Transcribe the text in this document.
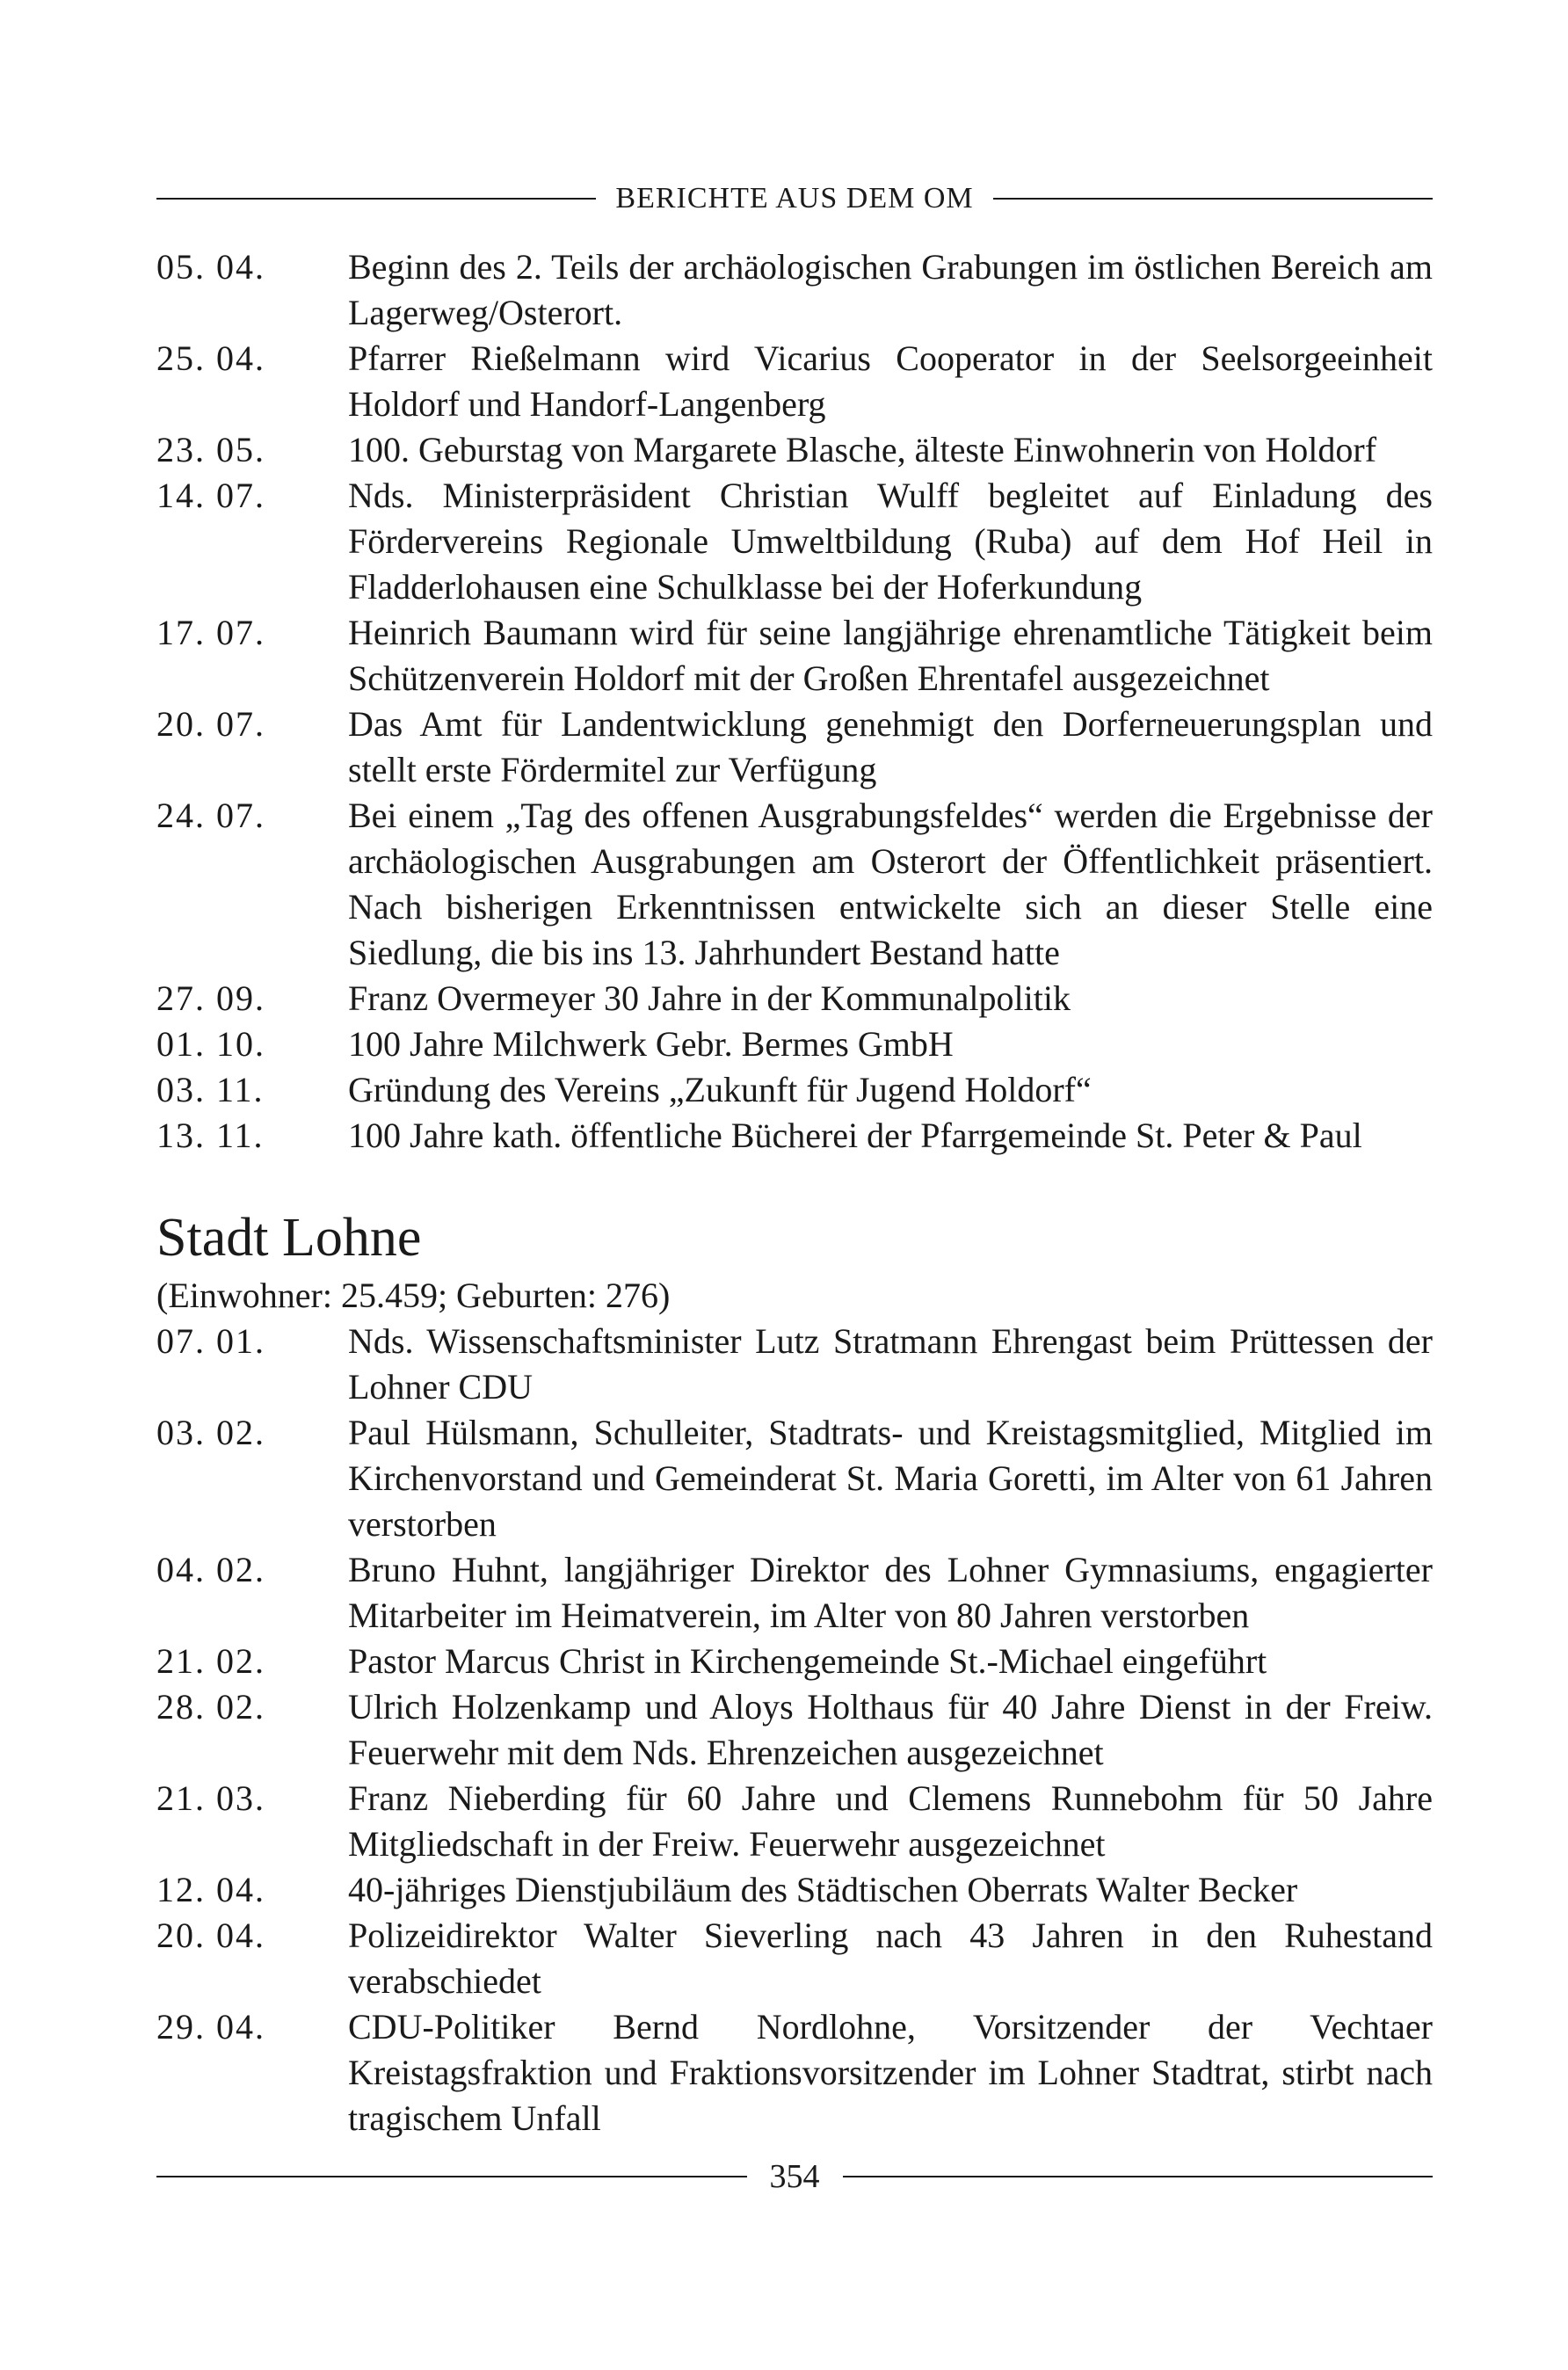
BERICHTE AUS DEM OM
05. 04.	Beginn des 2. Teils der archäologischen Grabungen im östlichen Bereich am Lagerweg/Osterort.
25. 04.	Pfarrer Rießelmann wird Vicarius Cooperator in der Seelsorgeeinheit Holdorf und Handorf-Langenberg
23. 05.	100. Geburstag von Margarete Blasche, älteste Einwohnerin von Holdorf
14. 07.	Nds. Ministerpräsident Christian Wulff begleitet auf Einladung des Fördervereins Regionale Umweltbildung (Ruba) auf dem Hof Heil in Fladderlohausen eine Schulklasse bei der Hoferkundung
17. 07.	Heinrich Baumann wird für seine langjährige ehrenamtliche Tätigkeit beim Schützenverein Holdorf mit der Großen Ehrentafel ausgezeichnet
20. 07.	Das Amt für Landentwicklung genehmigt den Dorferneuerungsplan und stellt erste Fördermitel zur Verfügung
24. 07.	Bei einem „Tag des offenen Ausgrabungsfeldes“ werden die Ergebnisse der archäologischen Ausgrabungen am Osterort der Öffentlichkeit präsentiert. Nach bisherigen Erkenntnissen entwickelte sich an dieser Stelle eine Siedlung, die bis ins 13. Jahrhundert Bestand hatte
27. 09.	Franz Overmeyer 30 Jahre in der Kommunalpolitik
01. 10.	100 Jahre Milchwerk Gebr. Bermes GmbH
03. 11.	Gründung des Vereins „Zukunft für Jugend Holdorf“
13. 11.	100 Jahre kath. öffentliche Bücherei der Pfarrgemeinde St. Peter & Paul
Stadt Lohne
(Einwohner: 25.459; Geburten: 276)
07. 01.	Nds. Wissenschaftsminister Lutz Stratmann Ehrengast beim Prüttessen der Lohner CDU
03. 02.	Paul Hülsmann, Schulleiter, Stadtrats- und Kreistagsmitglied, Mitglied im Kirchenvorstand und Gemeinderat St. Maria Goretti, im Alter von 61 Jahren verstorben
04. 02.	Bruno Huhnt, langjähriger Direktor des Lohner Gymnasiums, engagierter Mitarbeiter im Heimatverein, im Alter von 80 Jahren verstorben
21. 02.	Pastor Marcus Christ in Kirchengemeinde St.-Michael eingeführt
28. 02.	Ulrich Holzenkamp und Aloys Holthaus für 40 Jahre Dienst in der Freiw. Feuerwehr mit dem Nds. Ehrenzeichen ausgezeichnet
21. 03.	Franz Nieberding für 60 Jahre und Clemens Runnebohm für 50 Jahre Mitgliedschaft in der Freiw. Feuerwehr ausgezeichnet
12. 04.	40-jähriges Dienstjubiläum des Städtischen Oberrats Walter Becker
20. 04.	Polizeidirektor Walter Sieverling nach 43 Jahren in den Ruhestand verabschiedet
29. 04.	CDU-Politiker Bernd Nordlohne, Vorsitzender der Vechtaer Kreistagsfraktion und Fraktionsvorsitzender im Lohner Stadtrat, stirbt nach tragischem Unfall
354
